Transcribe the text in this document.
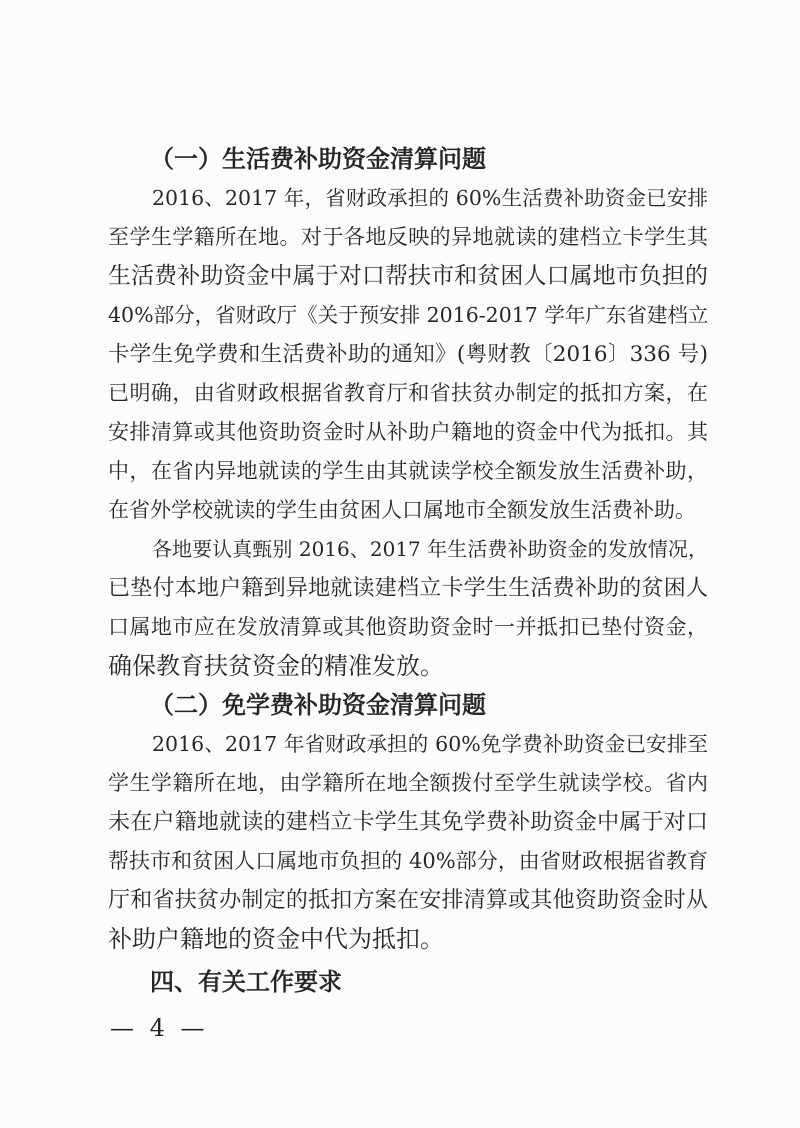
（一）生活费补助资金清算问题
2016、2017 年，省财政承担的 60%生活费补助资金已安排
至学生学籍所在地。对于各地反映的异地就读的建档立卡学生其
生活费补助资金中属于对口帮扶市和贫困人口属地市负担的
40%部分，省财政厅《关于预安排 2016-2017 学年广东省建档立
卡学生免学费和生活费补助的通知》(粤财教〔2016〕336 号)
已明确，由省财政根据省教育厅和省扶贫办制定的抵扣方案，在
安排清算或其他资助资金时从补助户籍地的资金中代为抵扣。其
中，在省内异地就读的学生由其就读学校全额发放生活费补助，
在省外学校就读的学生由贫困人口属地市全额发放生活费补助。
各地要认真甄别 2016、2017 年生活费补助资金的发放情况，
已垫付本地户籍到异地就读建档立卡学生生活费补助的贫困人
口属地市应在发放清算或其他资助资金时一并抵扣已垫付资金，
确保教育扶贫资金的精准发放。
（二）免学费补助资金清算问题
2016、2017 年省财政承担的 60%免学费补助资金已安排至
学生学籍所在地，由学籍所在地全额拨付至学生就读学校。省内
未在户籍地就读的建档立卡学生其免学费补助资金中属于对口
帮扶市和贫困人口属地市负担的 40%部分，由省财政根据省教育
厅和省扶贫办制定的抵扣方案在安排清算或其他资助资金时从
补助户籍地的资金中代为抵扣。
四、有关工作要求
— 4 —
